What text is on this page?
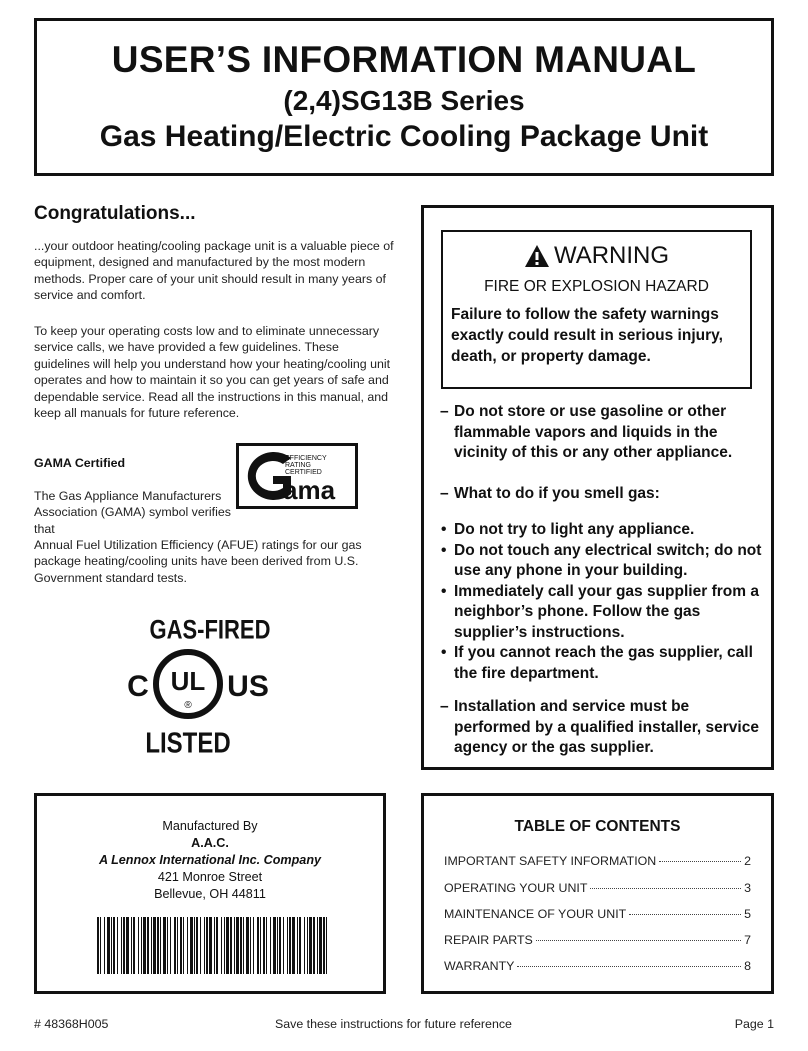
USER’S INFORMATION MANUAL
(2,4)SG13B Series
Gas Heating/Electric Cooling Package Unit
Congratulations...
...your outdoor heating/cooling package unit is a valuable piece of equipment, designed and manufactured by the most modern methods. Proper care of your unit should result in many years of service and comfort.
To keep your operating costs low and to eliminate unnecessary service calls, we have provided a few guidelines. These guidelines will help you understand how your heating/cooling unit operates and how to maintain it so you can get years of safe and dependable service. Read all the instructions in this manual, and keep all manuals for future reference.
GAMA Certified
The Gas Appliance Manufacturers Association (GAMA) symbol verifies that
Annual Fuel Utilization Efficiency (AFUE) ratings for our gas package heating/cooling units have been derived from U.S. Government standard tests.
EFFICIENCY
RATING
CERTIFIED
ama
GAS-FIRED
UL
®
C	US
LISTED
WARNING
FIRE OR EXPLOSION HAZARD
Failure to follow the safety warnings exactly could result in serious injury, death, or property damage.
– Do not store or use gasoline or other flammable vapors and liquids in the vicinity of this or any other appliance.
– What to do if you smell gas:
• Do not try to light any appliance.
• Do not touch any electrical switch; do not use any phone in your building.
• Immediately call your gas supplier from a neighbor’s phone. Follow the gas supplier’s instructions.
• If you cannot reach the gas supplier, call the fire department.
– Installation and service must be performed by a qualified installer, service agency or the gas supplier.
Manufactured By
A.A.C.
A Lennox International Inc. Company
421 Monroe Street
Bellevue, OH 44811
TABLE OF CONTENTS
IMPORTANT SAFETY INFORMATION	2
OPERATING YOUR UNIT	3
MAINTENANCE OF YOUR UNIT	5
REPAIR PARTS	7
WARRANTY	8
# 48368H005	Save these instructions for future reference	Page 1
